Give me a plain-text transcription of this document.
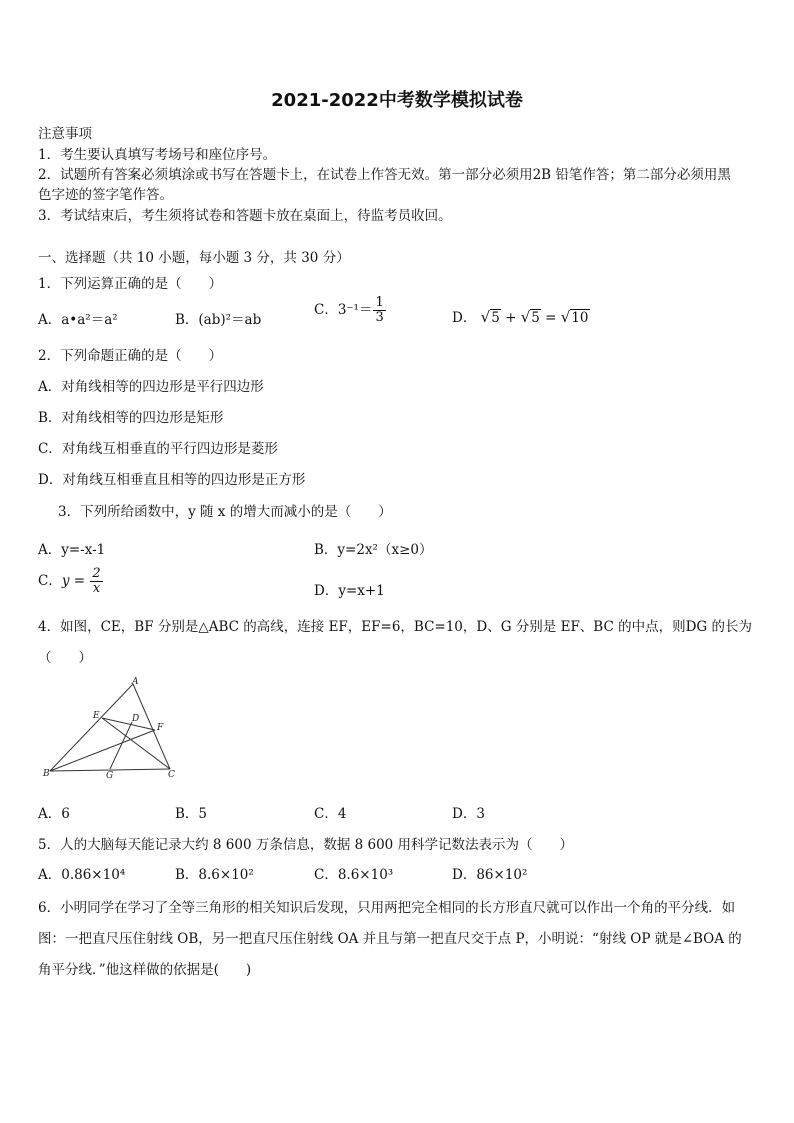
2021-2022中考数学模拟试卷
注意事项
1．考生要认真填写考场号和座位序号。
2．试题所有答案必须填涂或书写在答题卡上，在试卷上作答无效。第一部分必须用2B 铅笔作答；第二部分必须用黑
色字迹的签字笔作答。
3．考试结束后，考生须将试卷和答题卡放在桌面上，待监考员收回。
一、选择题（共 10 小题，每小题 3 分，共 30 分）
1．下列运算正确的是（　　）
A．a•a²＝a²	B．(ab)²＝ab
C．$3^{-1}= \frac{1}{3}$	D． √5 + √5 = √10
2．下列命题正确的是（　　）
A．对角线相等的四边形是平行四边形
B．对角线相等的四边形是矩形
C．对角线互相垂直的平行四边形是菱形
D．对角线互相垂直且相等的四边形是正方形
3．下列所给函数中，y 随 x 的增大而减小的是（　　）
A．y=-x-1	B．y=2x²（x≥0）
C．$y = \frac{2}{x}$	D．y=x+1
4．如图，CE，BF 分别是△ABC 的高线，连接 EF，EF=6，BC=10，D、G 分别是 EF、BC 的中点，则DG 的长为
（　　）
A
B	C
D
E
F
G
A．6	B．5	C．4	D．3
5．人的大脑每天能记录大约 8 600 万条信息，数据 8 600 用科学记数法表示为（　　）
A．0.86×10⁴	B．8.6×10²	C．8.6×10³	D．86×10²
6．小明同学在学习了全等三角形的相关知识后发现，只用两把完全相同的长方形直尺就可以作出一个角的平分线．如
图：一把直尺压住射线 OB，另一把直尺压住射线 OA 并且与第一把直尺交于点 P，小明说：“射线 OP 就是∠BOA 的
角平分线．”他这样做的依据是(　　)
